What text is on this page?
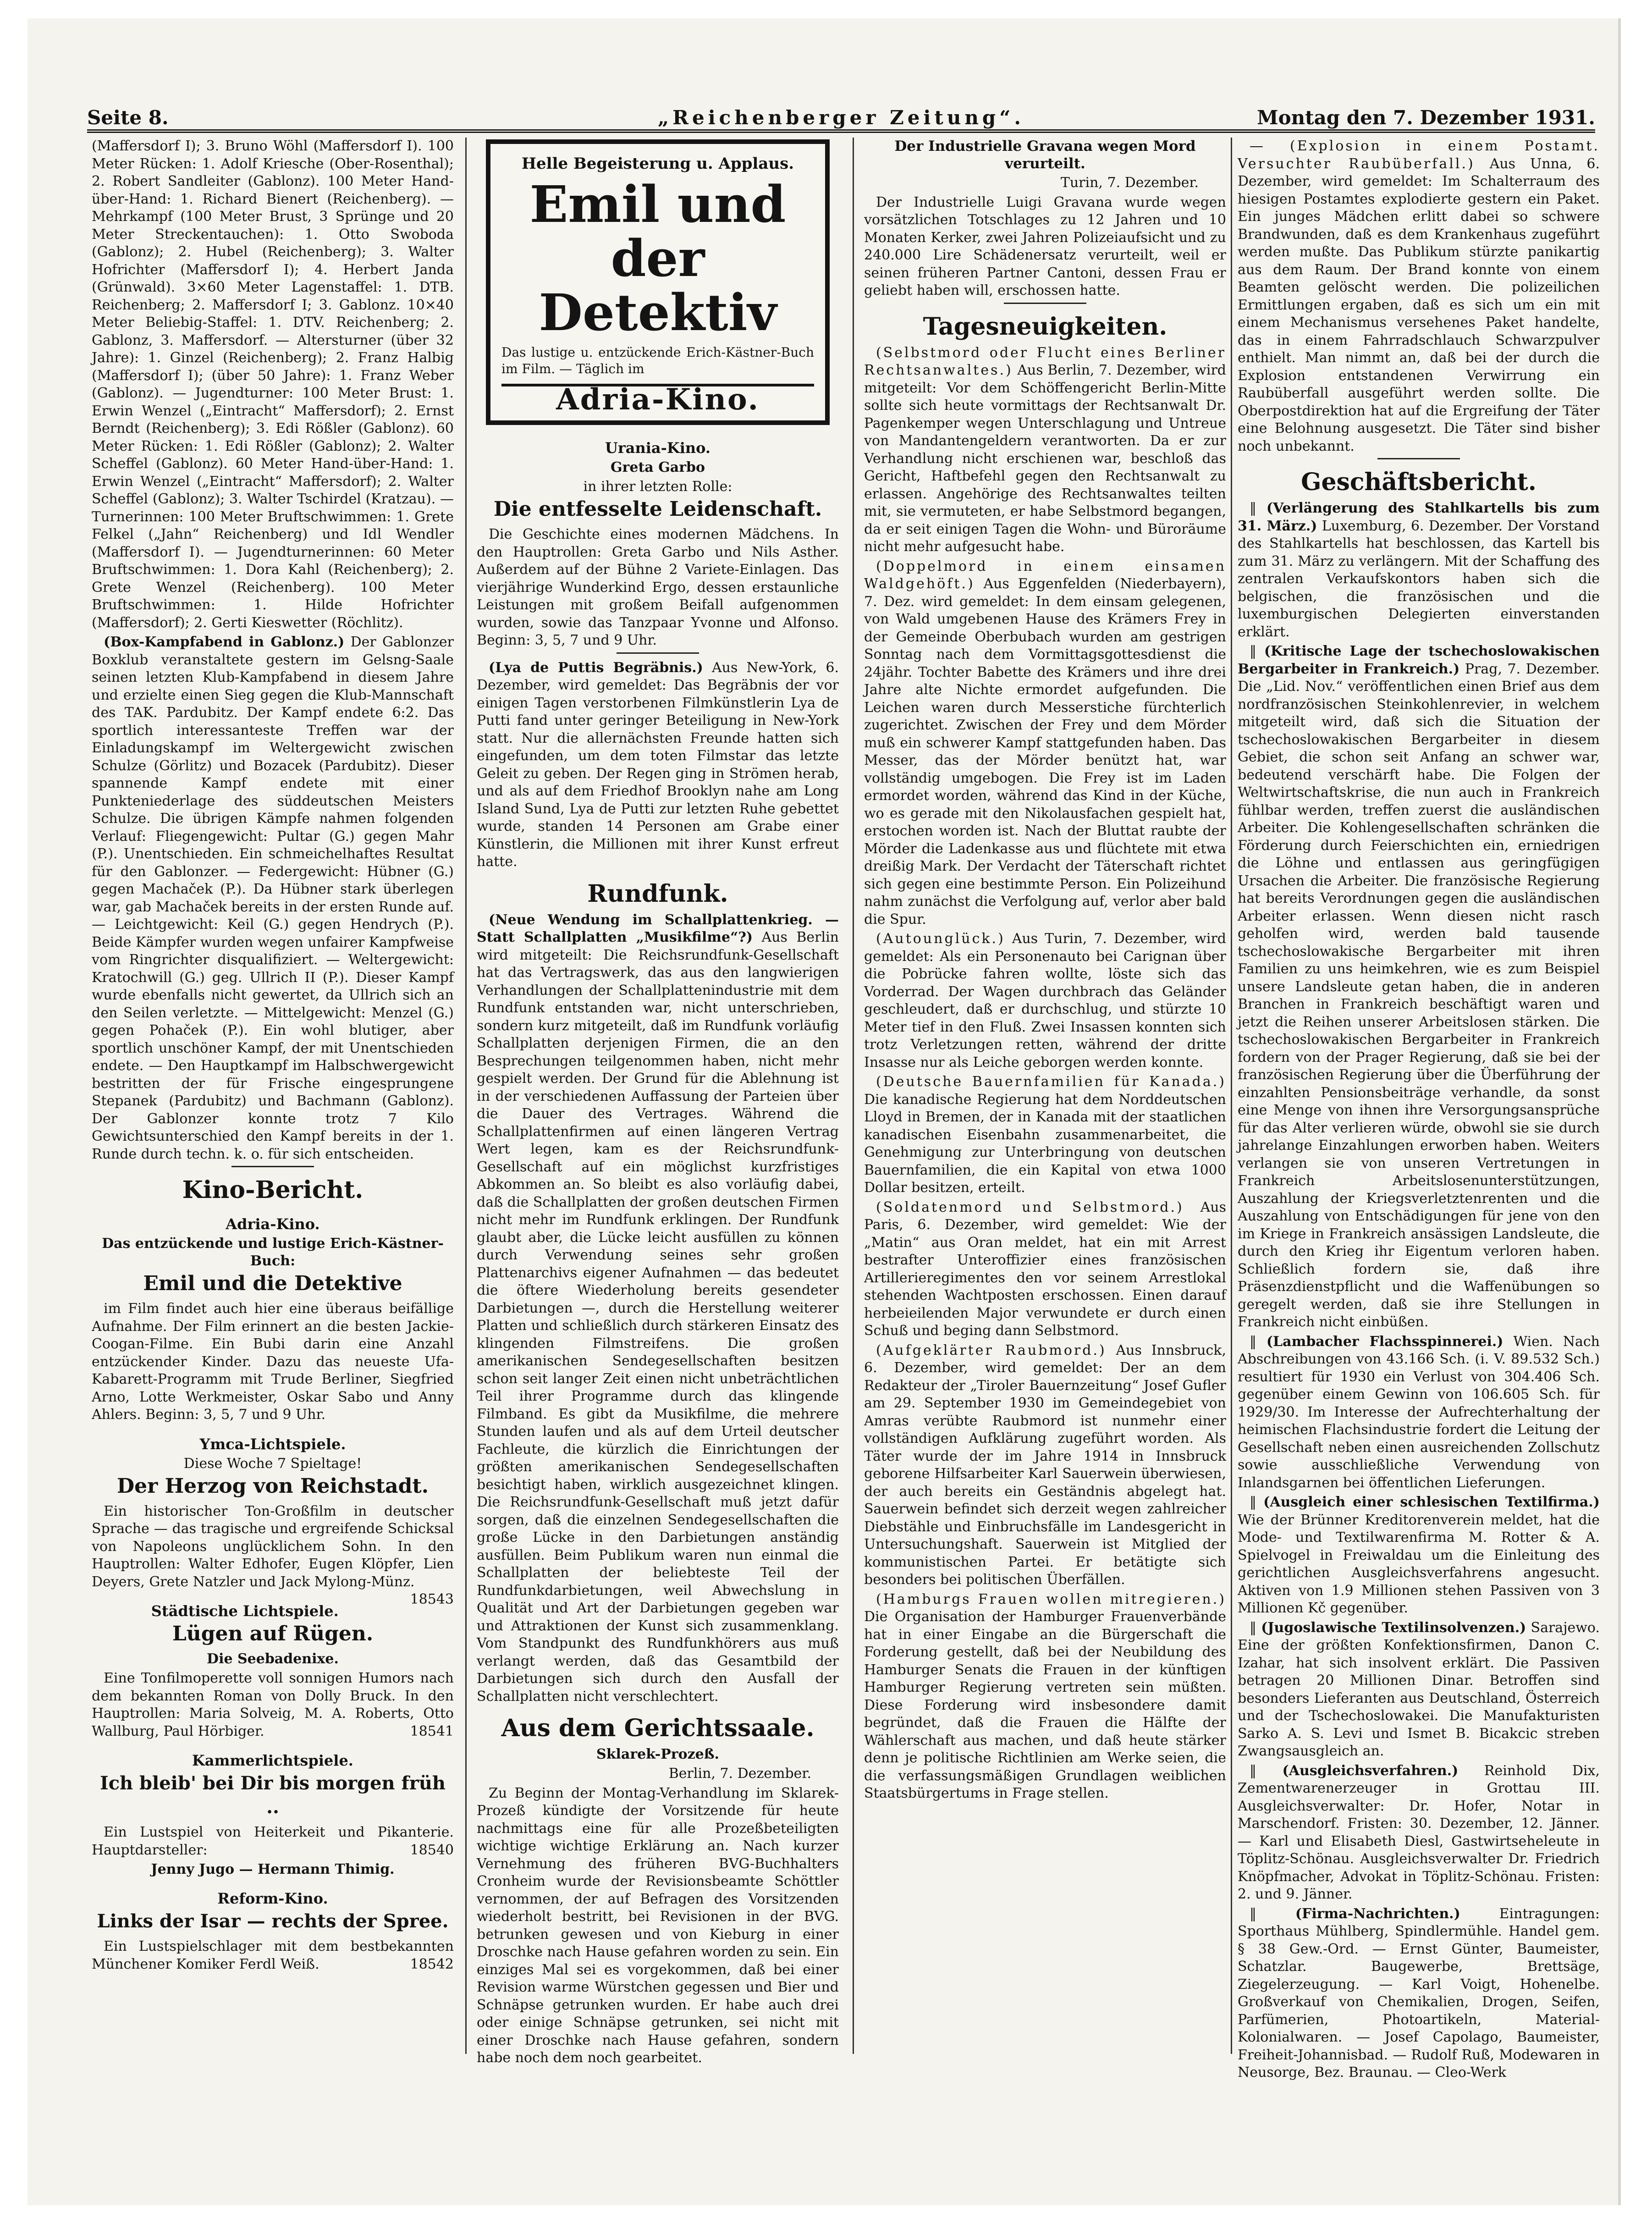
Seite 8.	„Reichenberger Zeitung“.	Montag den 7. Dezember 1931.

(Maffersdorf I); 3. Bruno Wöhl (Maffersdorf I). 100 Meter Rücken: 1. Adolf Kriesche (Ober-Rosenthal); 2. Robert Sandleiter (Gablonz). 100 Meter Hand-über-Hand: 1. Richard Bienert (Reichenberg). — Mehrkampf (100 Meter Brust, 3 Sprünge und 20 Meter Streckentauchen): 1. Otto Swoboda (Gablonz); 2. Hubel (Reichenberg); 3. Walter Hofrichter (Maffersdorf I); 4. Herbert Janda (Grünwald). 3×60 Meter Lagenstaffel: 1. DTB. Reichenberg; 2. Maffersdorf I; 3. Gablonz. 10×40 Meter Beliebig-Staffel: 1. DTV. Reichenberg; 2. Gablonz, 3. Maffersdorf. — Altersturner (über 32 Jahre): 1. Ginzel (Reichenberg); 2. Franz Halbig (Maffersdorf I); (über 50 Jahre): 1. Franz Weber (Gablonz). — Jugendturner: 100 Meter Brust: 1. Erwin Wenzel („Eintracht“ Maffersdorf); 2. Ernst Berndt (Reichenberg); 3. Edi Rößler (Gablonz). 60 Meter Rücken: 1. Edi Rößler (Gablonz); 2. Walter Scheffel (Gablonz). 60 Meter Hand-über-Hand: 1. Erwin Wenzel („Eintracht“ Maffersdorf); 2. Walter Scheffel (Gablonz); 3. Walter Tschirdel (Kratzau). — Turnerinnen: 100 Meter Bruftschwimmen: 1. Grete Felkel („Jahn“ Reichenberg) und Idl Wendler (Maffersdorf I). — Jugendturnerinnen: 60 Meter Bruftschwimmen: 1. Dora Kahl (Reichenberg); 2. Grete Wenzel (Reichenberg). 100 Meter Bruftschwimmen: 1. Hilde Hofrichter (Maffersdorf); 2. Gerti Kieswetter (Röchlitz).

(Box-Kampfabend in Gablonz.) Der Gablonzer Boxklub veranstaltete gestern im Gelsng-Saale seinen letzten Klub-Kampfabend in diesem Jahre und erzielte einen Sieg gegen die Klub-Mannschaft des TAK. Pardubitz. Der Kampf endete 6:2. Das sportlich interessanteste Treffen war der Einladungskampf im Weltergewicht zwischen Schulze (Görlitz) und Bozacek (Pardubitz). Dieser spannende Kampf endete mit einer Punkteniederlage des süddeutschen Meisters Schulze. Die übrigen Kämpfe nahmen folgenden Verlauf: Fliegengewicht: Pultar (G.) gegen Mahr (P.). Unentschieden. Ein schmeichelhaftes Resultat für den Gablonzer. — Federgewicht: Hübner (G.) gegen Machaček (P.). Da Hübner stark überlegen war, gab Machaček bereits in der ersten Runde auf. — Leichtgewicht: Keil (G.) gegen Hendrych (P.). Beide Kämpfer wurden wegen unfairer Kampfweise vom Ringrichter disqualifiziert. — Weltergewicht: Kratochwill (G.) geg. Ullrich II (P.). Dieser Kampf wurde ebenfalls nicht gewertet, da Ullrich sich an den Seilen verletzte. — Mittelgewicht: Menzel (G.) gegen Pohaček (P.). Ein wohl blutiger, aber sportlich unschöner Kampf, der mit Unentschieden endete. — Den Hauptkampf im Halbschwergewicht bestritten der für Frische eingesprungene Stepanek (Pardubitz) und Bachmann (Gablonz). Der Gablonzer konnte trotz 7 Kilo Gewichtsunterschied den Kampf bereits in der 1. Runde durch techn. k. o. für sich entscheiden.

Kino-Bericht.
Adria-Kino.
Das entzückende und lustige Erich-Kästner-Buch:
Emil und die Detektive

im Film findet auch hier eine überaus beifällige Aufnahme. Der Film erinnert an die besten Jackie-Coogan-Filme. Ein Bubi darin eine Anzahl entzückender Kinder. Dazu das neueste Ufa-Kabarett-Programm mit Trude Berliner, Siegfried Arno, Lotte Werkmeister, Oskar Sabo und Anny Ahlers. Beginn: 3, 5, 7 und 9 Uhr.

Ymca-Lichtspiele.
Diese Woche 7 Spieltage!
Der Herzog von Reichstadt.

Ein historischer Ton-Großfilm in deutscher Sprache — das tragische und ergreifende Schicksal von Napoleons unglücklichem Sohn. In den Hauptrollen: Walter Edhofer, Eugen Klöpfer, Lien Deyers, Grete Natzler und Jack Mylong-Münz.
18543

Städtische Lichtspiele.
Lügen auf Rügen.
Die Seebadenixe.

Eine Tonfilmoperette voll sonnigen Humors nach dem bekannten Roman von Dolly Bruck. In den Hauptrollen: Maria Solveig, M. A. Roberts, Otto Wallburg, Paul Hörbiger.	18541

Kammerlichtspiele.
Ich bleib' bei Dir bis morgen früh ..

Ein Lustspiel von Heiterkeit und Pikanterie. Hauptdarsteller:	18540

Jenny Jugo — Hermann Thimig.
Reform-Kino.
Links der Isar — rechts der Spree.

Ein Lustspielschlager mit dem bestbekannten Münchener Komiker Ferdl Weiß.	18542

Helle Begeisterung u. Applaus.
Emil und der Detektiv
Das lustige u. entzückende Erich-Kästner-Buch im Film. — Täglich im
Adria-Kino.
Urania-Kino.
Greta Garbo
in ihrer letzten Rolle:
Die entfesselte Leidenschaft.

Die Geschichte eines modernen Mädchens. In den Hauptrollen: Greta Garbo und Nils Asther. Außerdem auf der Bühne 2 Variete-Einlagen. Das vierjährige Wunderkind Ergo, dessen erstaunliche Leistungen mit großem Beifall aufgenommen wurden, sowie das Tanzpaar Yvonne und Alfonso. Beginn: 3, 5, 7 und 9 Uhr.

(Lya de Puttis Begräbnis.) Aus New-York, 6. Dezember, wird gemeldet: Das Begräbnis der vor einigen Tagen verstorbenen Filmkünstlerin Lya de Putti fand unter geringer Beteiligung in New-York statt. Nur die allernächsten Freunde hatten sich eingefunden, um dem toten Filmstar das letzte Geleit zu geben. Der Regen ging in Strömen herab, und als auf dem Friedhof Brooklyn nahe am Long Island Sund, Lya de Putti zur letzten Ruhe gebettet wurde, standen 14 Personen am Grabe einer Künstlerin, die Millionen mit ihrer Kunst erfreut hatte.

Rundfunk.

(Neue Wendung im Schallplattenkrieg. — Statt Schallplatten „Musikfilme“?) Aus Berlin wird mitgeteilt: Die Reichsrundfunk-Gesellschaft hat das Vertragswerk, das aus den langwierigen Verhandlungen der Schallplattenindustrie mit dem Rundfunk entstanden war, nicht unterschrieben, sondern kurz mitgeteilt, daß im Rundfunk vorläufig Schallplatten derjenigen Firmen, die an den Besprechungen teilgenommen haben, nicht mehr gespielt werden. Der Grund für die Ablehnung ist in der verschiedenen Auffassung der Parteien über die Dauer des Vertrages. Während die Schallplattenfirmen auf einen längeren Vertrag Wert legen, kam es der Reichsrundfunk-Gesellschaft auf ein möglichst kurzfristiges Abkommen an. So bleibt es also vorläufig dabei, daß die Schallplatten der großen deutschen Firmen nicht mehr im Rundfunk erklingen. Der Rundfunk glaubt aber, die Lücke leicht ausfüllen zu können durch Verwendung seines sehr großen Plattenarchivs eigener Aufnahmen — das bedeutet die öftere Wiederholung bereits gesendeter Darbietungen —, durch die Herstellung weiterer Platten und schließlich durch stärkeren Einsatz des klingenden Filmstreifens. Die großen amerikanischen Sendegesellschaften besitzen schon seit langer Zeit einen nicht unbeträchtlichen Teil ihrer Programme durch das klingende Filmband. Es gibt da Musikfilme, die mehrere Stunden laufen und als auf dem Urteil deutscher Fachleute, die kürzlich die Einrichtungen der größten amerikanischen Sendegesellschaften besichtigt haben, wirklich ausgezeichnet klingen. Die Reichsrundfunk-Gesellschaft muß jetzt dafür sorgen, daß die einzelnen Sendegesellschaften die große Lücke in den Darbietungen anständig ausfüllen. Beim Publikum waren nun einmal die Schallplatten der beliebteste Teil der Rundfunkdarbietungen, weil Abwechslung in Qualität und Art der Darbietungen gegeben war und Attraktionen der Kunst sich zusammenklang. Vom Standpunkt des Rundfunkhörers aus muß verlangt werden, daß das Gesamtbild der Darbietungen sich durch den Ausfall der Schallplatten nicht verschlechtert.

Aus dem Gerichtssaale.
Sklarek-Prozeß.
Berlin, 7. Dezember.

Zu Beginn der Montag-Verhandlung im Sklarek-Prozeß kündigte der Vorsitzende für heute nachmittags eine für alle Prozeßbeteiligten wichtige wichtige Erklärung an. Nach kurzer Vernehmung des früheren BVG-Buchhalters Cronheim wurde der Revisionsbeamte Schöttler vernommen, der auf Befragen des Vorsitzenden wiederholt bestritt, bei Revisionen in der BVG. betrunken gewesen und von Kieburg in einer Droschke nach Hause gefahren worden zu sein. Ein einziges Mal sei es vorgekommen, daß bei einer Revision warme Würstchen gegessen und Bier und Schnäpse getrunken wurden. Er habe auch drei oder einige Schnäpse getrunken, sei nicht mit einer Droschke nach Hause gefahren, sondern habe noch dem noch gearbeitet.

Der Industrielle Gravana wegen Mord verurteilt.
Turin, 7. Dezember.

Der Industrielle Luigi Gravana wurde wegen vorsätzlichen Totschlages zu 12 Jahren und 10 Monaten Kerker, zwei Jahren Polizeiaufsicht und zu 240.000 Lire Schädenersatz verurteilt, weil er seinen früheren Partner Cantoni, dessen Frau er geliebt haben will, erschossen hatte.

Tagesneuigkeiten.

(Selbstmord oder Flucht eines Berliner Rechtsanwaltes.) Aus Berlin, 7. Dezember, wird mitgeteilt: Vor dem Schöffengericht Berlin-Mitte sollte sich heute vormittags der Rechtsanwalt Dr. Pagenkemper wegen Unterschlagung und Untreue von Mandantengeldern verantworten. Da er zur Verhandlung nicht erschienen war, beschloß das Gericht, Haftbefehl gegen den Rechtsanwalt zu erlassen. Angehörige des Rechtsanwaltes teilten mit, sie vermuteten, er habe Selbstmord begangen, da er seit einigen Tagen die Wohn- und Büroräume nicht mehr aufgesucht habe.

(Doppelmord in einem einsamen Waldgehöft.) Aus Eggenfelden (Niederbayern), 7. Dez. wird gemeldet: In dem einsam gelegenen, von Wald umgebenen Hause des Krämers Frey in der Gemeinde Oberbubach wurden am gestrigen Sonntag nach dem Vormittagsgottesdienst die 24jähr. Tochter Babette des Krämers und ihre drei Jahre alte Nichte ermordet aufgefunden. Die Leichen waren durch Messerstiche fürchterlich zugerichtet. Zwischen der Frey und dem Mörder muß ein schwerer Kampf stattgefunden haben. Das Messer, das der Mörder benützt hat, war vollständig umgebogen. Die Frey ist im Laden ermordet worden, während das Kind in der Küche, wo es gerade mit den Nikolausfachen gespielt hat, erstochen worden ist. Nach der Bluttat raubte der Mörder die Ladenkasse aus und flüchtete mit etwa dreißig Mark. Der Verdacht der Täterschaft richtet sich gegen eine bestimmte Person. Ein Polizeihund nahm zunächst die Verfolgung auf, verlor aber bald die Spur.

(Autounglück.) Aus Turin, 7. Dezember, wird gemeldet: Als ein Personenauto bei Carignan über die Pobrücke fahren wollte, löste sich das Vorderrad. Der Wagen durchbrach das Geländer geschleudert, daß er durchschlug, und stürzte 10 Meter tief in den Fluß. Zwei Insassen konnten sich trotz Verletzungen retten, während der dritte Insasse nur als Leiche geborgen werden konnte.

(Deutsche Bauernfamilien für Kanada.) Die kanadische Regierung hat dem Norddeutschen Lloyd in Bremen, der in Kanada mit der staatlichen kanadischen Eisenbahn zusammenarbeitet, die Genehmigung zur Unterbringung von deutschen Bauernfamilien, die ein Kapital von etwa 1000 Dollar besitzen, erteilt.

(Soldatenmord und Selbstmord.) Aus Paris, 6. Dezember, wird gemeldet: Wie der „Matin“ aus Oran meldet, hat ein mit Arrest bestrafter Unteroffizier eines französischen Artillerieregimentes den vor seinem Arrestlokal stehenden Wachtposten erschossen. Einen darauf herbeieilenden Major verwundete er durch einen Schuß und beging dann Selbstmord.

(Aufgeklärter Raubmord.) Aus Innsbruck, 6. Dezember, wird gemeldet: Der an dem Redakteur der „Tiroler Bauernzeitung“ Josef Gufler am 29. September 1930 im Gemeindegebiet von Amras verübte Raubmord ist nunmehr einer vollständigen Aufklärung zugeführt worden. Als Täter wurde der im Jahre 1914 in Innsbruck geborene Hilfsarbeiter Karl Sauerwein überwiesen, der auch bereits ein Geständnis abgelegt hat. Sauerwein befindet sich derzeit wegen zahlreicher Diebstähle und Einbruchsfälle im Landesgericht in Untersuchungshaft. Sauerwein ist Mitglied der kommunistischen Partei. Er betätigte sich besonders bei politischen Überfällen.

(Hamburgs Frauen wollen mitregieren.) Die Organisation der Hamburger Frauenverbände hat in einer Eingabe an die Bürgerschaft die Forderung gestellt, daß bei der Neubildung des Hamburger Senats die Frauen in der künftigen Hamburger Regierung vertreten sein müßten. Diese Forderung wird insbesondere damit begründet, daß die Frauen die Hälfte der Wählerschaft aus machen, und daß heute stärker denn je politische Richtlinien am Werke seien, die die verfassungsmäßigen Grundlagen weiblichen Staatsbürgertums in Frage stellen.

— (Explosion in einem Postamt. Versuchter Raubüberfall.) Aus Unna, 6. Dezember, wird gemeldet: Im Schalterraum des hiesigen Postamtes explodierte gestern ein Paket. Ein junges Mädchen erlitt dabei so schwere Brandwunden, daß es dem Krankenhaus zugeführt werden mußte. Das Publikum stürzte panikartig aus dem Raum. Der Brand konnte von einem Beamten gelöscht werden. Die polizeilichen Ermittlungen ergaben, daß es sich um ein mit einem Mechanismus versehenes Paket handelte, das in einem Fahrradschlauch Schwarzpulver enthielt. Man nimmt an, daß bei der durch die Explosion entstandenen Verwirrung ein Raubüberfall ausgeführt werden sollte. Die Oberpostdirektion hat auf die Ergreifung der Täter eine Belohnung ausgesetzt. Die Täter sind bisher noch unbekannt.

Geschäftsbericht.

‖ (Verlängerung des Stahlkartells bis zum 31. März.) Luxemburg, 6. Dezember. Der Vorstand des Stahlkartells hat beschlossen, das Kartell bis zum 31. März zu verlängern. Mit der Schaffung des zentralen Verkaufskontors haben sich die belgischen, die französischen und die luxemburgischen Delegierten einverstanden erklärt.

‖ (Kritische Lage der tschechoslowakischen Bergarbeiter in Frankreich.) Prag, 7. Dezember. Die „Lid. Nov.“ veröffentlichen einen Brief aus dem nordfranzösischen Steinkohlenrevier, in welchem mitgeteilt wird, daß sich die Situation der tschechoslowakischen Bergarbeiter in diesem Gebiet, die schon seit Anfang an schwer war, bedeutend verschärft habe. Die Folgen der Weltwirtschaftskrise, die nun auch in Frankreich fühlbar werden, treffen zuerst die ausländischen Arbeiter. Die Kohlengesellschaften schränken die Förderung durch Feierschichten ein, erniedrigen die Löhne und entlassen aus geringfügigen Ursachen die Arbeiter. Die französische Regierung hat bereits Verordnungen gegen die ausländischen Arbeiter erlassen. Wenn diesen nicht rasch geholfen wird, werden bald tausende tschechoslowakische Bergarbeiter mit ihren Familien zu uns heimkehren, wie es zum Beispiel unsere Landsleute getan haben, die in anderen Branchen in Frankreich beschäftigt waren und jetzt die Reihen unserer Arbeitslosen stärken. Die tschechoslowakischen Bergarbeiter in Frankreich fordern von der Prager Regierung, daß sie bei der französischen Regierung über die Überführung der einzahlten Pensionsbeiträge verhandle, da sonst eine Menge von ihnen ihre Versorgungsansprüche für das Alter verlieren würde, obwohl sie sie durch jahrelange Einzahlungen erworben haben. Weiters verlangen sie von unseren Vertretungen in Frankreich Arbeitslosenunterstützungen, Auszahlung der Kriegsverletztenrenten und die Auszahlung von Entschädigungen für jene von den im Kriege in Frankreich ansässigen Landsleute, die durch den Krieg ihr Eigentum verloren haben. Schließlich fordern sie, daß ihre Präsenzdienstpflicht und die Waffenübungen so geregelt werden, daß sie ihre Stellungen in Frankreich nicht einbüßen.

‖ (Lambacher Flachsspinnerei.) Wien. Nach Abschreibungen von 43.166 Sch. (i. V. 89.532 Sch.) resultiert für 1930 ein Verlust von 304.406 Sch. gegenüber einem Gewinn von 106.605 Sch. für 1929/30. Im Interesse der Aufrechterhaltung der heimischen Flachsindustrie fordert die Leitung der Gesellschaft neben einen ausreichenden Zollschutz sowie ausschließliche Verwendung von Inlandsgarnen bei öffentlichen Lieferungen.

‖ (Ausgleich einer schlesischen Textilfirma.) Wie der Brünner Kreditorenverein meldet, hat die Mode- und Textilwarenfirma M. Rotter & A. Spielvogel in Freiwaldau um die Einleitung des gerichtlichen Ausgleichsverfahrens angesucht. Aktiven von 1.9 Millionen stehen Passiven von 3 Millionen Kč gegenüber.

‖ (Jugoslawische Textilinsolvenzen.) Sarajewo. Eine der größten Konfektionsfirmen, Danon C. Izahar, hat sich insolvent erklärt. Die Passiven betragen 20 Millionen Dinar. Betroffen sind besonders Lieferanten aus Deutschland, Österreich und der Tschechoslowakei. Die Manufakturisten Sarko A. S. Levi und Ismet B. Bicakcic streben Zwangsausgleich an.

‖ (Ausgleichsverfahren.) Reinhold Dix, Zementwarenerzeuger in Grottau III. Ausgleichsverwalter: Dr. Hofer, Notar in Marschendorf. Fristen: 30. Dezember, 12. Jänner. — Karl und Elisabeth Diesl, Gastwirtseheleute in Töplitz-Schönau. Ausgleichsverwalter Dr. Friedrich Knöpfmacher, Advokat in Töplitz-Schönau. Fristen: 2. und 9. Jänner.

‖ (Firma-Nachrichten.)	Eintragungen: Sporthaus Mühlberg, Spindlermühle. Handel gem. § 38 Gew.-Ord. — Ernst Günter, Baumeister, Schatzlar. Baugewerbe, Brettsäge, Ziegelerzeugung. — Karl Voigt, Hohenelbe. Großverkauf von Chemikalien, Drogen, Seifen, Parfümerien, Photoartikeln, Material-Kolonialwaren. — Josef Capolago, Baumeister, Freiheit-Johannisbad. — Rudolf Ruß, Modewaren in Neusorge, Bez. Braunau. — Cleo-Werk
